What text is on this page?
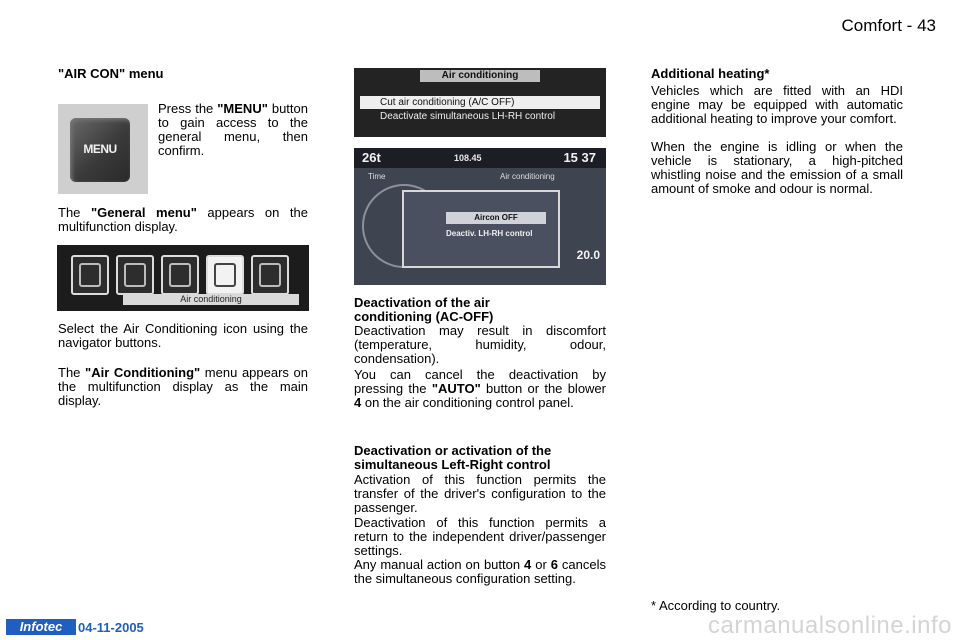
Comfort - 43
"AIR CON" menu
MENU

Press the "MENU" button to gain access to the general menu, then confirm.

The "General menu" appears on the multifunction display.

Air conditioning

Select the Air Conditioning icon using the navigator buttons.

The "Air Conditioning" menu appears on the multifunction display as the main display.

Air conditioning
Cut air conditioning (A/C OFF)
Deactivate simultaneous LH-RH control
26t	108.45	15 37
Time	Air conditioning
Aircon OFF
Deactiv. LH-RH control
20.0
Deactivation of the air conditioning (AC-OFF)

Deactivation may result in discomfort (temperature, humidity, odour, condensation).

You can cancel the deactivation by pressing the "AUTO" button or the blower 4 on the air conditioning control panel.

Deactivation or activation of the simultaneous Left-Right control

Activation of this function permits the transfer of the driver's configuration to the passenger.

Deactivation of this function permits a return to the independent driver/passenger settings.

Any manual action on button 4 or 6 cancels the simultaneous configuration setting.

Additional heating*

Vehicles which are fitted with an HDI engine may be equipped with automatic additional heating to improve your comfort.

When the engine is idling or when the vehicle is stationary, a high-pitched whistling noise and the emission of a small amount of smoke and odour is normal.

* According to country.
Infotec	04-11-2005	carmanualsonline.info
